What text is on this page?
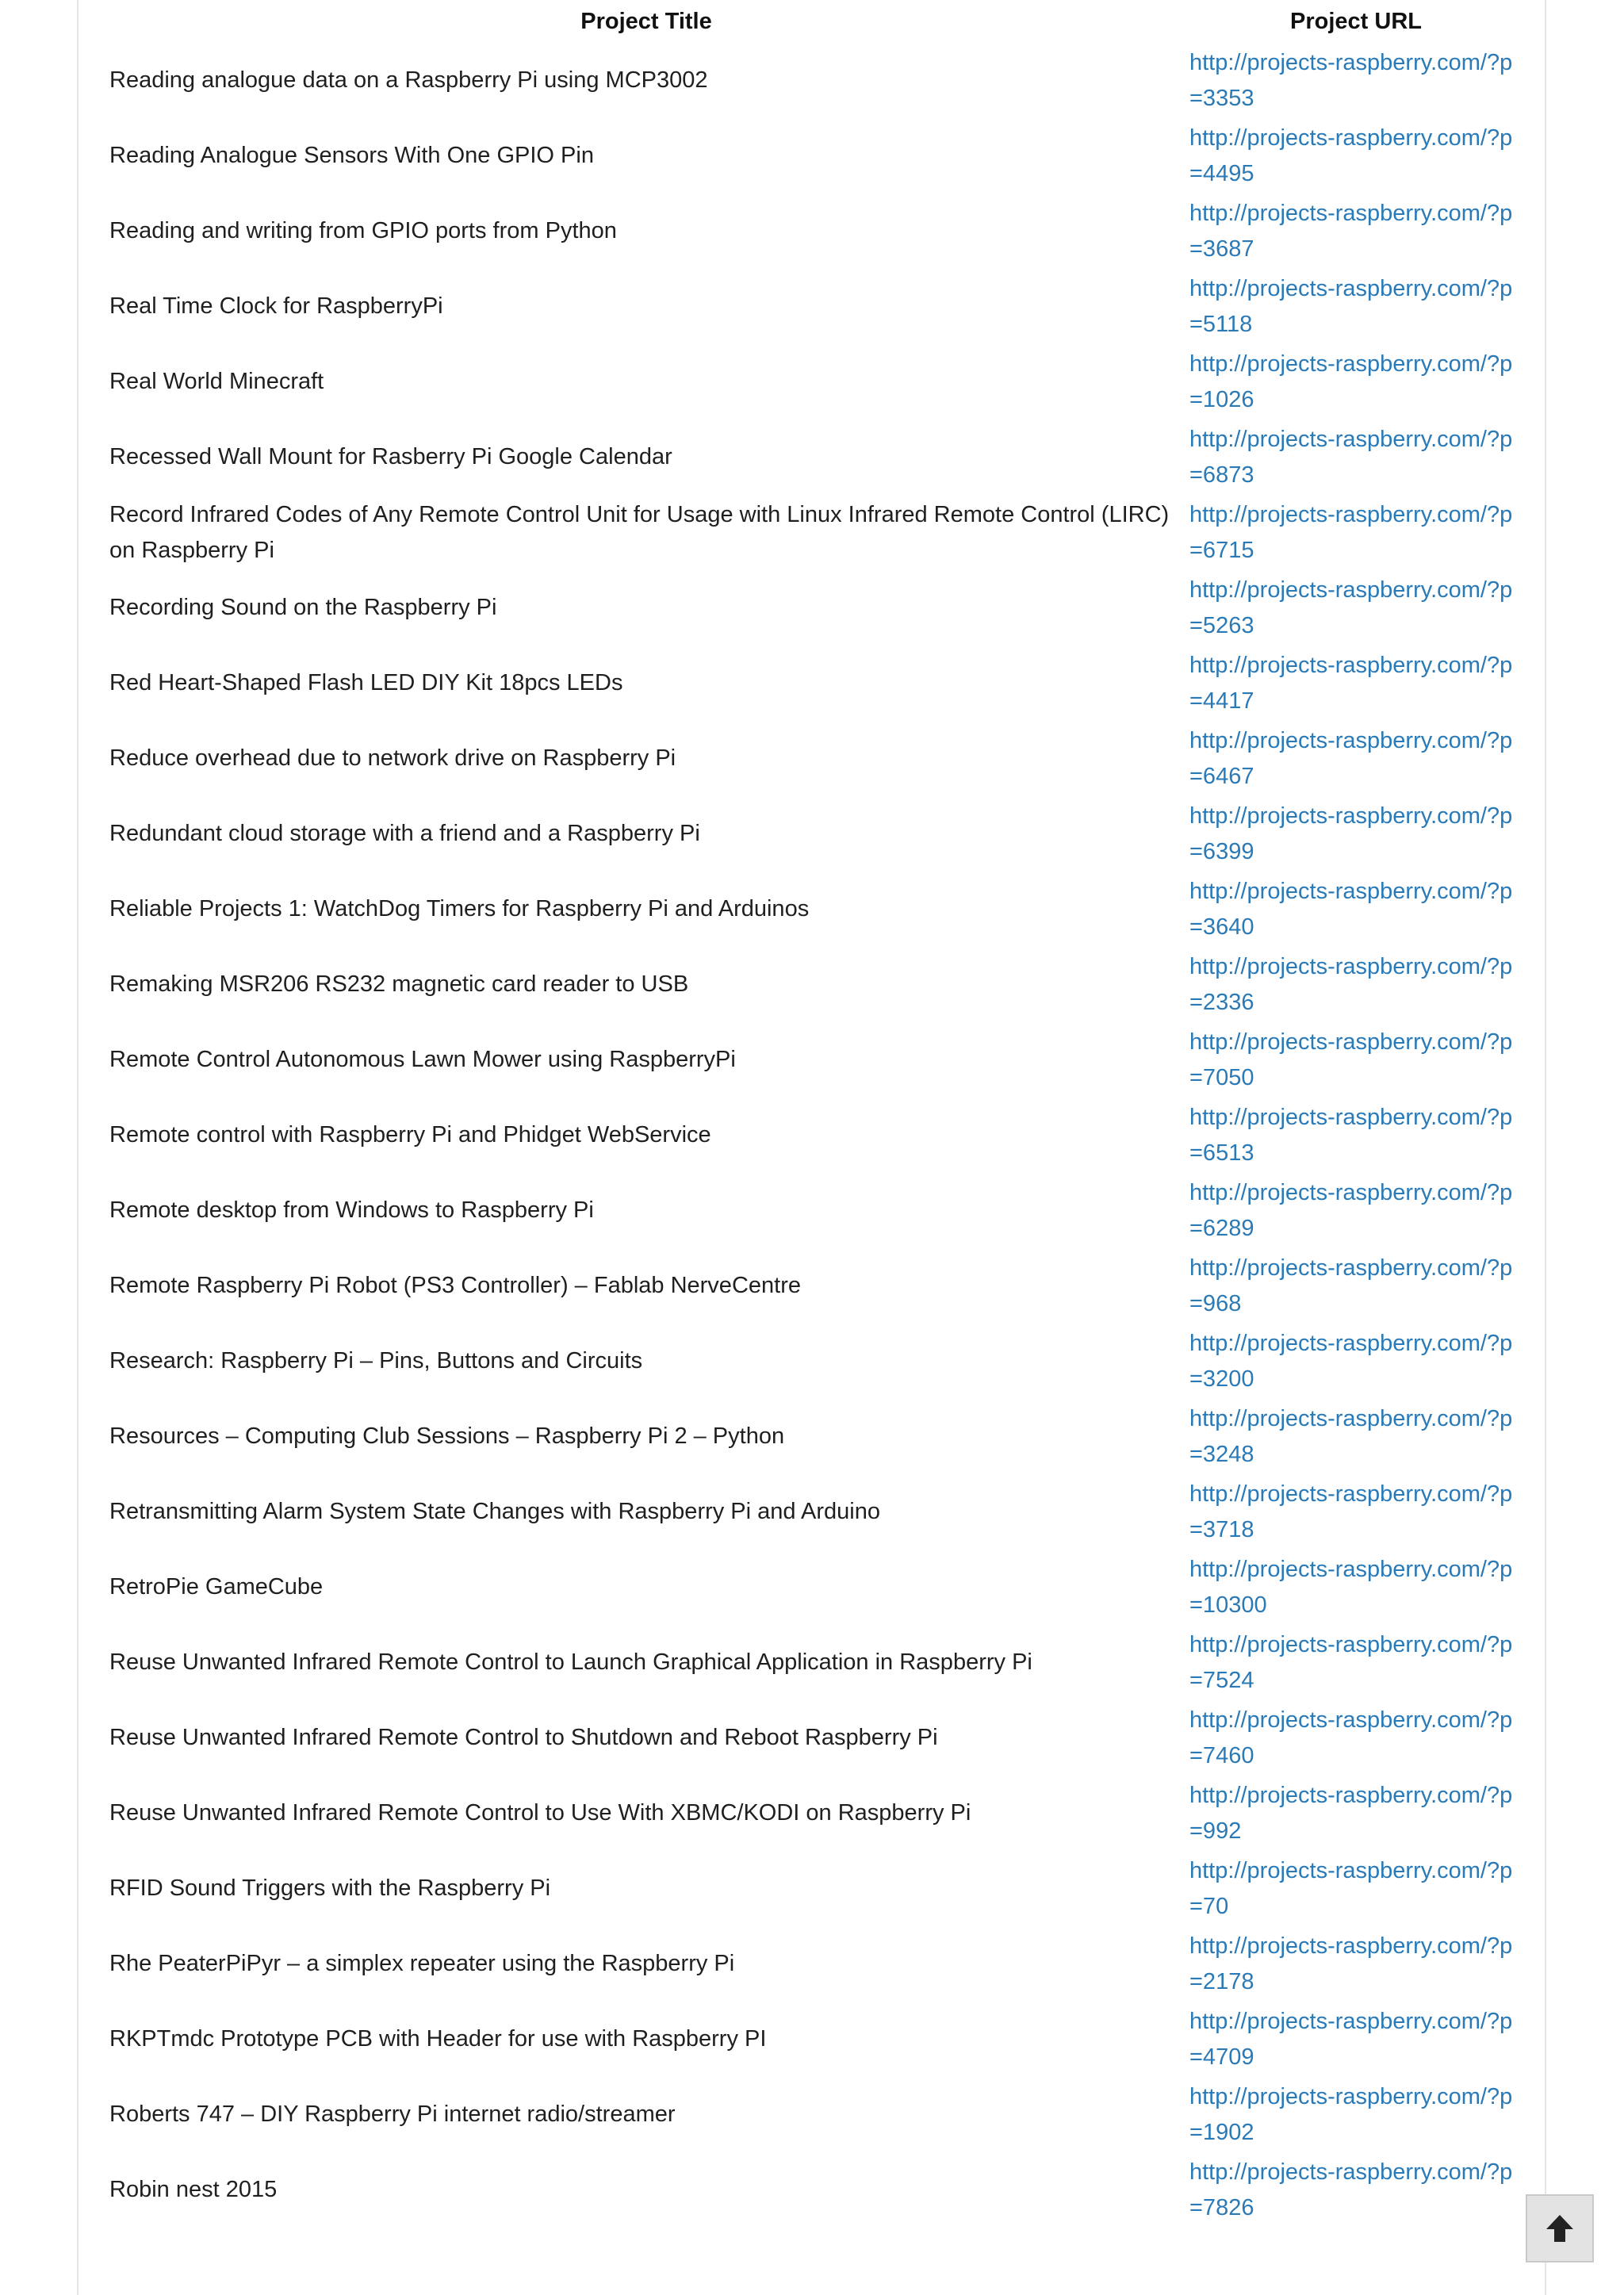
Project Title	Project URL
Reading analogue data on a Raspberry Pi using MCP3002	http://projects-raspberry.com/?p=3353

Reading Analogue Sensors With One GPIO Pin	http://projects-raspberry.com/?p=4495

Reading and writing from GPIO ports from Python	http://projects-raspberry.com/?p=3687

Real Time Clock for RaspberryPi	http://projects-raspberry.com/?p=5118

Real World Minecraft	http://projects-raspberry.com/?p=1026

Recessed Wall Mount for Rasberry Pi Google Calendar	http://projects-raspberry.com/?p=6873

Record Infrared Codes of Any Remote Control Unit for Usage with Linux Infrared Remote Control (LIRC) on Raspberry Pi	http://projects-raspberry.com/?p=6715

Recording Sound on the Raspberry Pi	http://projects-raspberry.com/?p=5263

Red Heart-Shaped Flash LED DIY Kit 18pcs LEDs	http://projects-raspberry.com/?p=4417

Reduce overhead due to network drive on Raspberry Pi	http://projects-raspberry.com/?p=6467

Redundant cloud storage with a friend and a Raspberry Pi	http://projects-raspberry.com/?p=6399

Reliable Projects 1: WatchDog Timers for Raspberry Pi and Arduinos	http://projects-raspberry.com/?p=3640

Remaking MSR206 RS232 magnetic card reader to USB	http://projects-raspberry.com/?p=2336

Remote Control Autonomous Lawn Mower using RaspberryPi	http://projects-raspberry.com/?p=7050

Remote control with Raspberry Pi and Phidget WebService	http://projects-raspberry.com/?p=6513

Remote desktop from Windows to Raspberry Pi	http://projects-raspberry.com/?p=6289

Remote Raspberry Pi Robot (PS3 Controller) – Fablab NerveCentre	http://projects-raspberry.com/?p=968

Research: Raspberry Pi – Pins, Buttons and Circuits	http://projects-raspberry.com/?p=3200

Resources – Computing Club Sessions – Raspberry Pi 2 – Python	http://projects-raspberry.com/?p=3248

Retransmitting Alarm System State Changes with Raspberry Pi and Arduino	http://projects-raspberry.com/?p=3718

RetroPie GameCube	http://projects-raspberry.com/?p=10300

Reuse Unwanted Infrared Remote Control to Launch Graphical Application in Raspberry Pi	http://projects-raspberry.com/?p=7524

Reuse Unwanted Infrared Remote Control to Shutdown and Reboot Raspberry Pi	http://projects-raspberry.com/?p=7460

Reuse Unwanted Infrared Remote Control to Use With XBMC/KODI on Raspberry Pi	http://projects-raspberry.com/?p=992

RFID Sound Triggers with the Raspberry Pi	http://projects-raspberry.com/?p=70

Rhe PeaterPiPyr – a simplex repeater using the Raspberry Pi	http://projects-raspberry.com/?p=2178

RKPTmdc Prototype PCB with Header for use with Raspberry PI	http://projects-raspberry.com/?p=4709

Roberts 747 – DIY Raspberry Pi internet radio/streamer	http://projects-raspberry.com/?p=1902

Robin nest 2015	http://projects-raspberry.com/?p=7826
